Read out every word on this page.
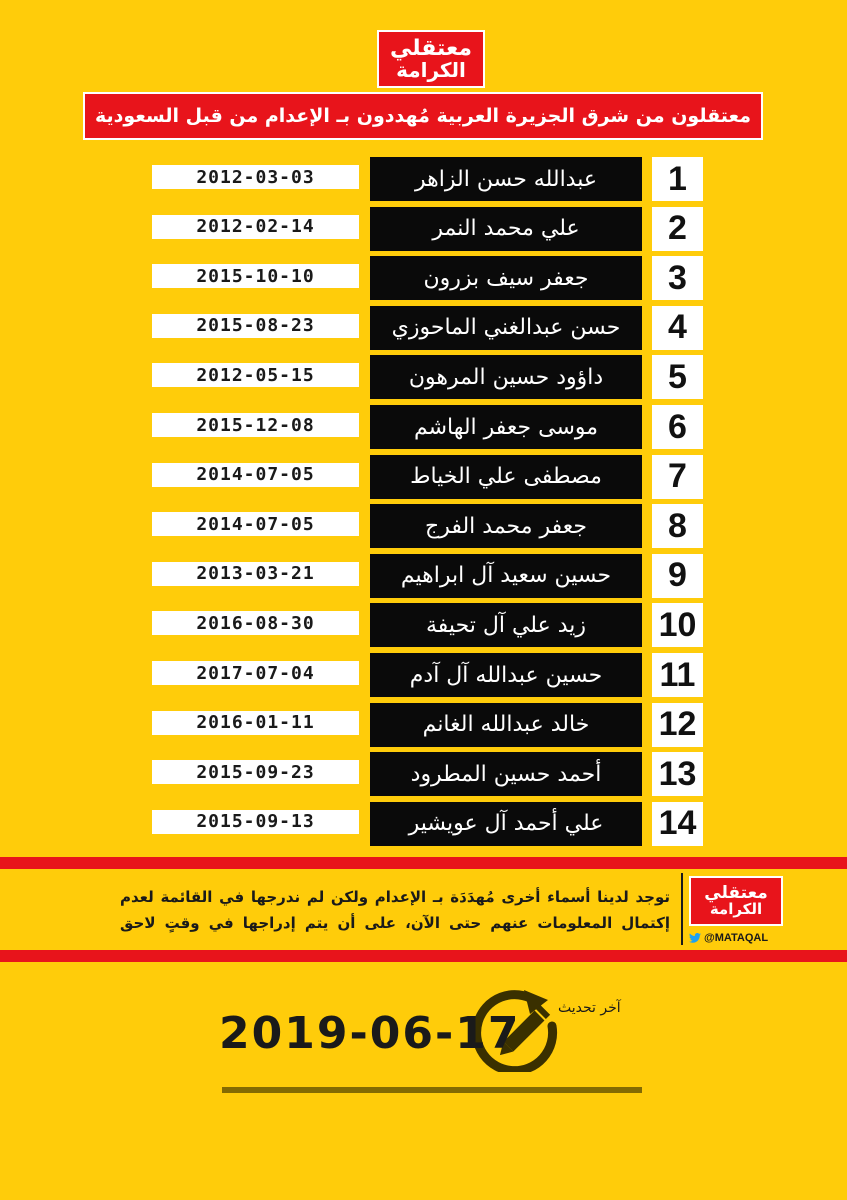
معتقلي
الكرامة
معتقلون من شرق الجزيرة العربية مُهددون بـ الإعدام من قبل السعودية
1
عبدالله حسن الزاهر
2012-03-03
2
علي محمد النمر
2012-02-14
3
جعفر سيف بزرون
2015-10-10
4
حسن عبدالغني الماحوزي
2015-08-23
5
داؤود حسين المرهون
2012-05-15
6
موسى جعفر الهاشم
2015-12-08
7
مصطفى علي الخياط
2014-07-05
8
جعفر محمد الفرج
2014-07-05
9
حسين سعيد آل ابراهيم
2013-03-21
10
زيد علي آل تحيفة
2016-08-30
11
حسين عبدالله آل آدم
2017-07-04
12
خالد عبدالله الغانم
2016-01-11
13
أحمد حسين المطرود
2015-09-23
14
علي أحمد آل عويشير
2015-09-13
توجد لدينا أسماء أخرى مُهدَدَة بـ الإعدام ولكن لم ندرجها في القائمة لعدم إكتمال المعلومات عنهم حتى الآن، على أن يتم إدراجها في وقتٍ لاحق
معتقلي
الكرامة
@MATAQAL
آخر تحديث
2019-06-17
